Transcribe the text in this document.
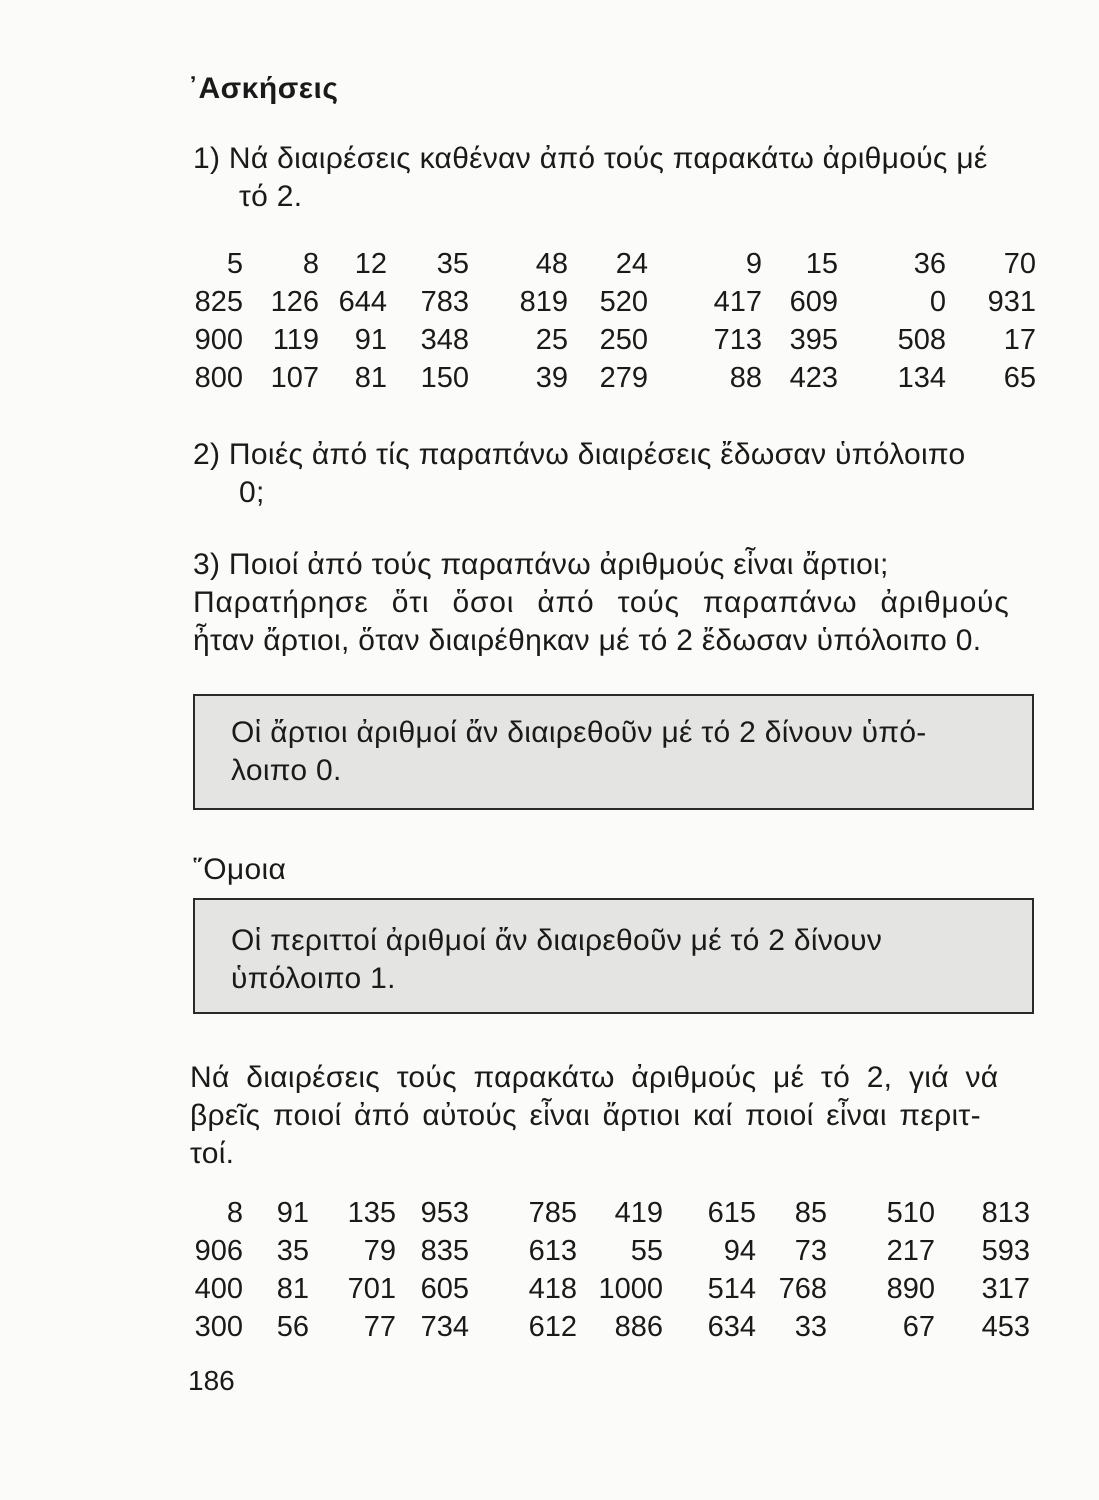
᾿Ασκήσεις
1) Νά διαιρέσεις καθέναν ἀπό τούς παρακάτω ἀριθμούς μέ
τό 2.
5	8	12	35	48	24	9	15	36	70
825	126	644	783	819	520	417	609	0	931
900	119	91	348	25	250	713	395	508	17
800	107	81	150	39	279	88	423	134	65
2) Ποιές ἀπό τίς παραπάνω διαιρέσεις ἔδωσαν ὑπόλοιπο
0;
3) Ποιοί ἀπό τούς παραπάνω ἀριθμούς εἶναι ἄρτιοι;
Παρατήρησε ὅτι ὅσοι ἀπό τούς παραπάνω ἀριθμούς
ἦταν ἄρτιοι, ὅταν διαιρέθηκαν μέ τό 2 ἔδωσαν ὑπόλοιπο 0.
Οἱ ἄρτιοι ἀριθμοί ἄν διαιρεθοῦν μέ τό 2 δίνουν ὑπό-
λοιπο 0.
῞Ομοια
Οἱ περιττοί ἀριθμοί ἄν διαιρεθοῦν μέ τό 2 δίνουν
ὑπόλοιπο 1.
Νά διαιρέσεις τούς παρακάτω ἀριθμούς μέ τό 2, γιά νά
βρεῖς ποιοί ἀπό αὐτούς εἶναι ἄρτιοι καί ποιοί εἶναι περιτ-
τοί.
8	91	135	953	785	419	615	85	510	813
906	35	79	835	613	55	94	73	217	593
400	81	701	605	418	1000	514	768	890	317
300	56	77	734	612	886	634	33	67	453
186
